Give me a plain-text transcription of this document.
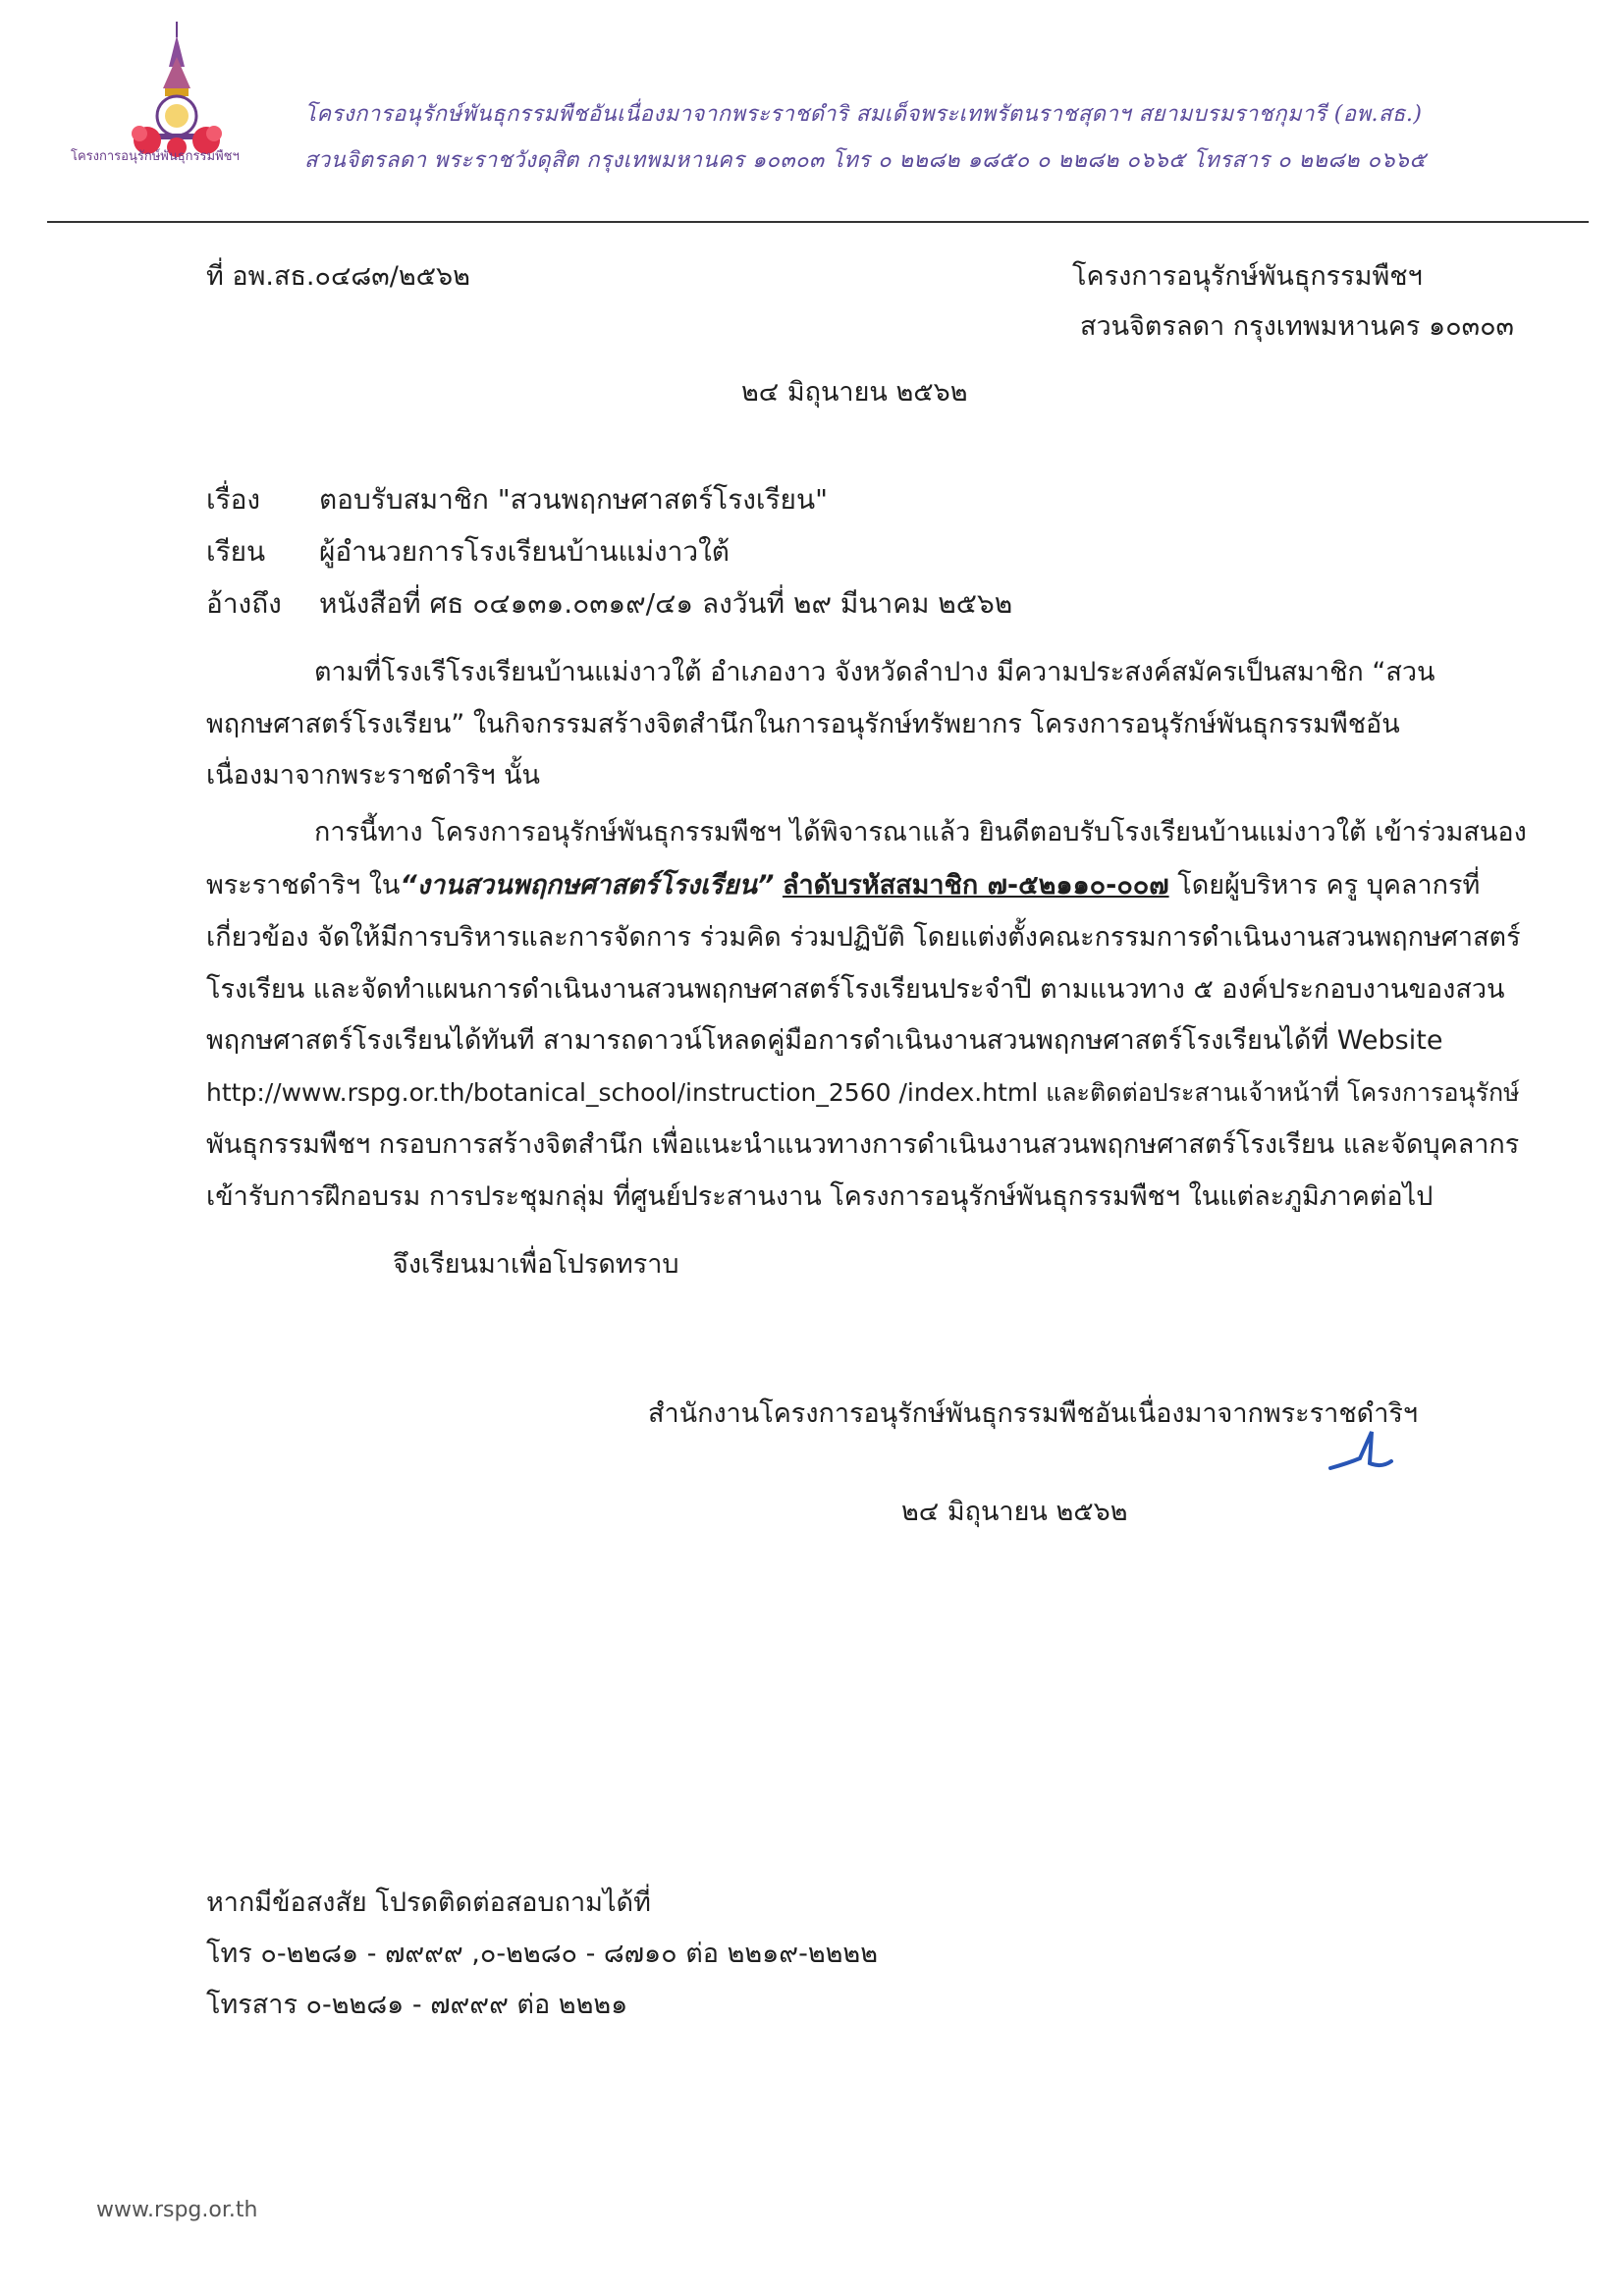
โครงการอนุรักษ์พันธุกรรมพืชฯ
โครงการอนุรักษ์พันธุกรรมพืชอันเนื่องมาจากพระราชดำริ สมเด็จพระเทพรัตนราชสุดาฯ สยามบรมราชกุมารี (อพ.สธ.)
สวนจิตรลดา พระราชวังดุสิต กรุงเทพมหานคร ๑๐๓๐๓ โทร ๐ ๒๒๘๒ ๑๘๕๐ ๐ ๒๒๘๒ ๐๖๖๕ โทรสาร ๐ ๒๒๘๒ ๐๖๖๕
ที่ อพ.สธ.๐๔๘๓/๒๕๖๒	โครงการอนุรักษ์พันธุกรรมพืชฯ
สวนจิตรลดา กรุงเทพมหานคร ๑๐๓๐๓
๒๔ มิถุนายน ๒๕๖๒
เรื่อง ตอบรับสมาชิก "สวนพฤกษศาสตร์โรงเรียน"
เรียน ผู้อำนวยการโรงเรียนบ้านแม่งาวใต้
อ้างถึง หนังสือที่ ศธ ๐๔๑๓๑.๐๓๑๙/๔๑ ลงวันที่ ๒๙ มีนาคม ๒๕๖๒
ตามที่โรงเรีโรงเรียนบ้านแม่งาวใต้ อำเภองาว จังหวัดลำปาง มีความประสงค์สมัครเป็นสมาชิก “สวน
พฤกษศาสตร์โรงเรียน” ในกิจกรรมสร้างจิตสำนึกในการอนุรักษ์ทรัพยากร โครงการอนุรักษ์พันธุกรรมพืชอัน
เนื่องมาจากพระราชดำริฯ นั้น
การนี้ทาง โครงการอนุรักษ์พันธุกรรมพืชฯ ได้พิจารณาแล้ว ยินดีตอบรับโรงเรียนบ้านแม่งาวใต้ เข้าร่วมสนอง
พระราชดำริฯ ใน“งานสวนพฤกษศาสตร์โรงเรียน” ลำดับรหัสสมาชิก ๗-๕๒๑๑๐-๐๐๗ โดยผู้บริหาร ครู บุคลากรที่
เกี่ยวข้อง จัดให้มีการบริหารและการจัดการ ร่วมคิด ร่วมปฏิบัติ โดยแต่งตั้งคณะกรรมการดำเนินงานสวนพฤกษศาสตร์
โรงเรียน และจัดทำแผนการดำเนินงานสวนพฤกษศาสตร์โรงเรียนประจำปี ตามแนวทาง ๕ องค์ประกอบงานของสวน
พฤกษศาสตร์โรงเรียนได้ทันที สามารถดาวน์โหลดคู่มือการดำเนินงานสวนพฤกษศาสตร์โรงเรียนได้ที่ Website
http://www.rspg.or.th/botanical_school/instruction_2560 /index.html และติดต่อประสานเจ้าหน้าที่ โครงการอนุรักษ์
พันธุกรรมพืชฯ กรอบการสร้างจิตสำนึก เพื่อแนะนำแนวทางการดำเนินงานสวนพฤกษศาสตร์โรงเรียน และจัดบุคลากร
เข้ารับการฝึกอบรม การประชุมกลุ่ม ที่ศูนย์ประสานงาน โครงการอนุรักษ์พันธุกรรมพืชฯ ในแต่ละภูมิภาคต่อไป
จึงเรียนมาเพื่อโปรดทราบ
สำนักงานโครงการอนุรักษ์พันธุกรรมพืชอันเนื่องมาจากพระราชดำริฯ
๒๔ มิถุนายน ๒๕๖๒
หากมีข้อสงสัย โปรดติดต่อสอบถามได้ที่
โทร ๐-๒๒๘๑ - ๗๙๙๙ ,๐-๒๒๘๐ - ๘๗๑๐ ต่อ ๒๒๑๙-๒๒๒๒
โทรสาร ๐-๒๒๘๑ - ๗๙๙๙ ต่อ ๒๒๒๑
www.rspg.or.th
